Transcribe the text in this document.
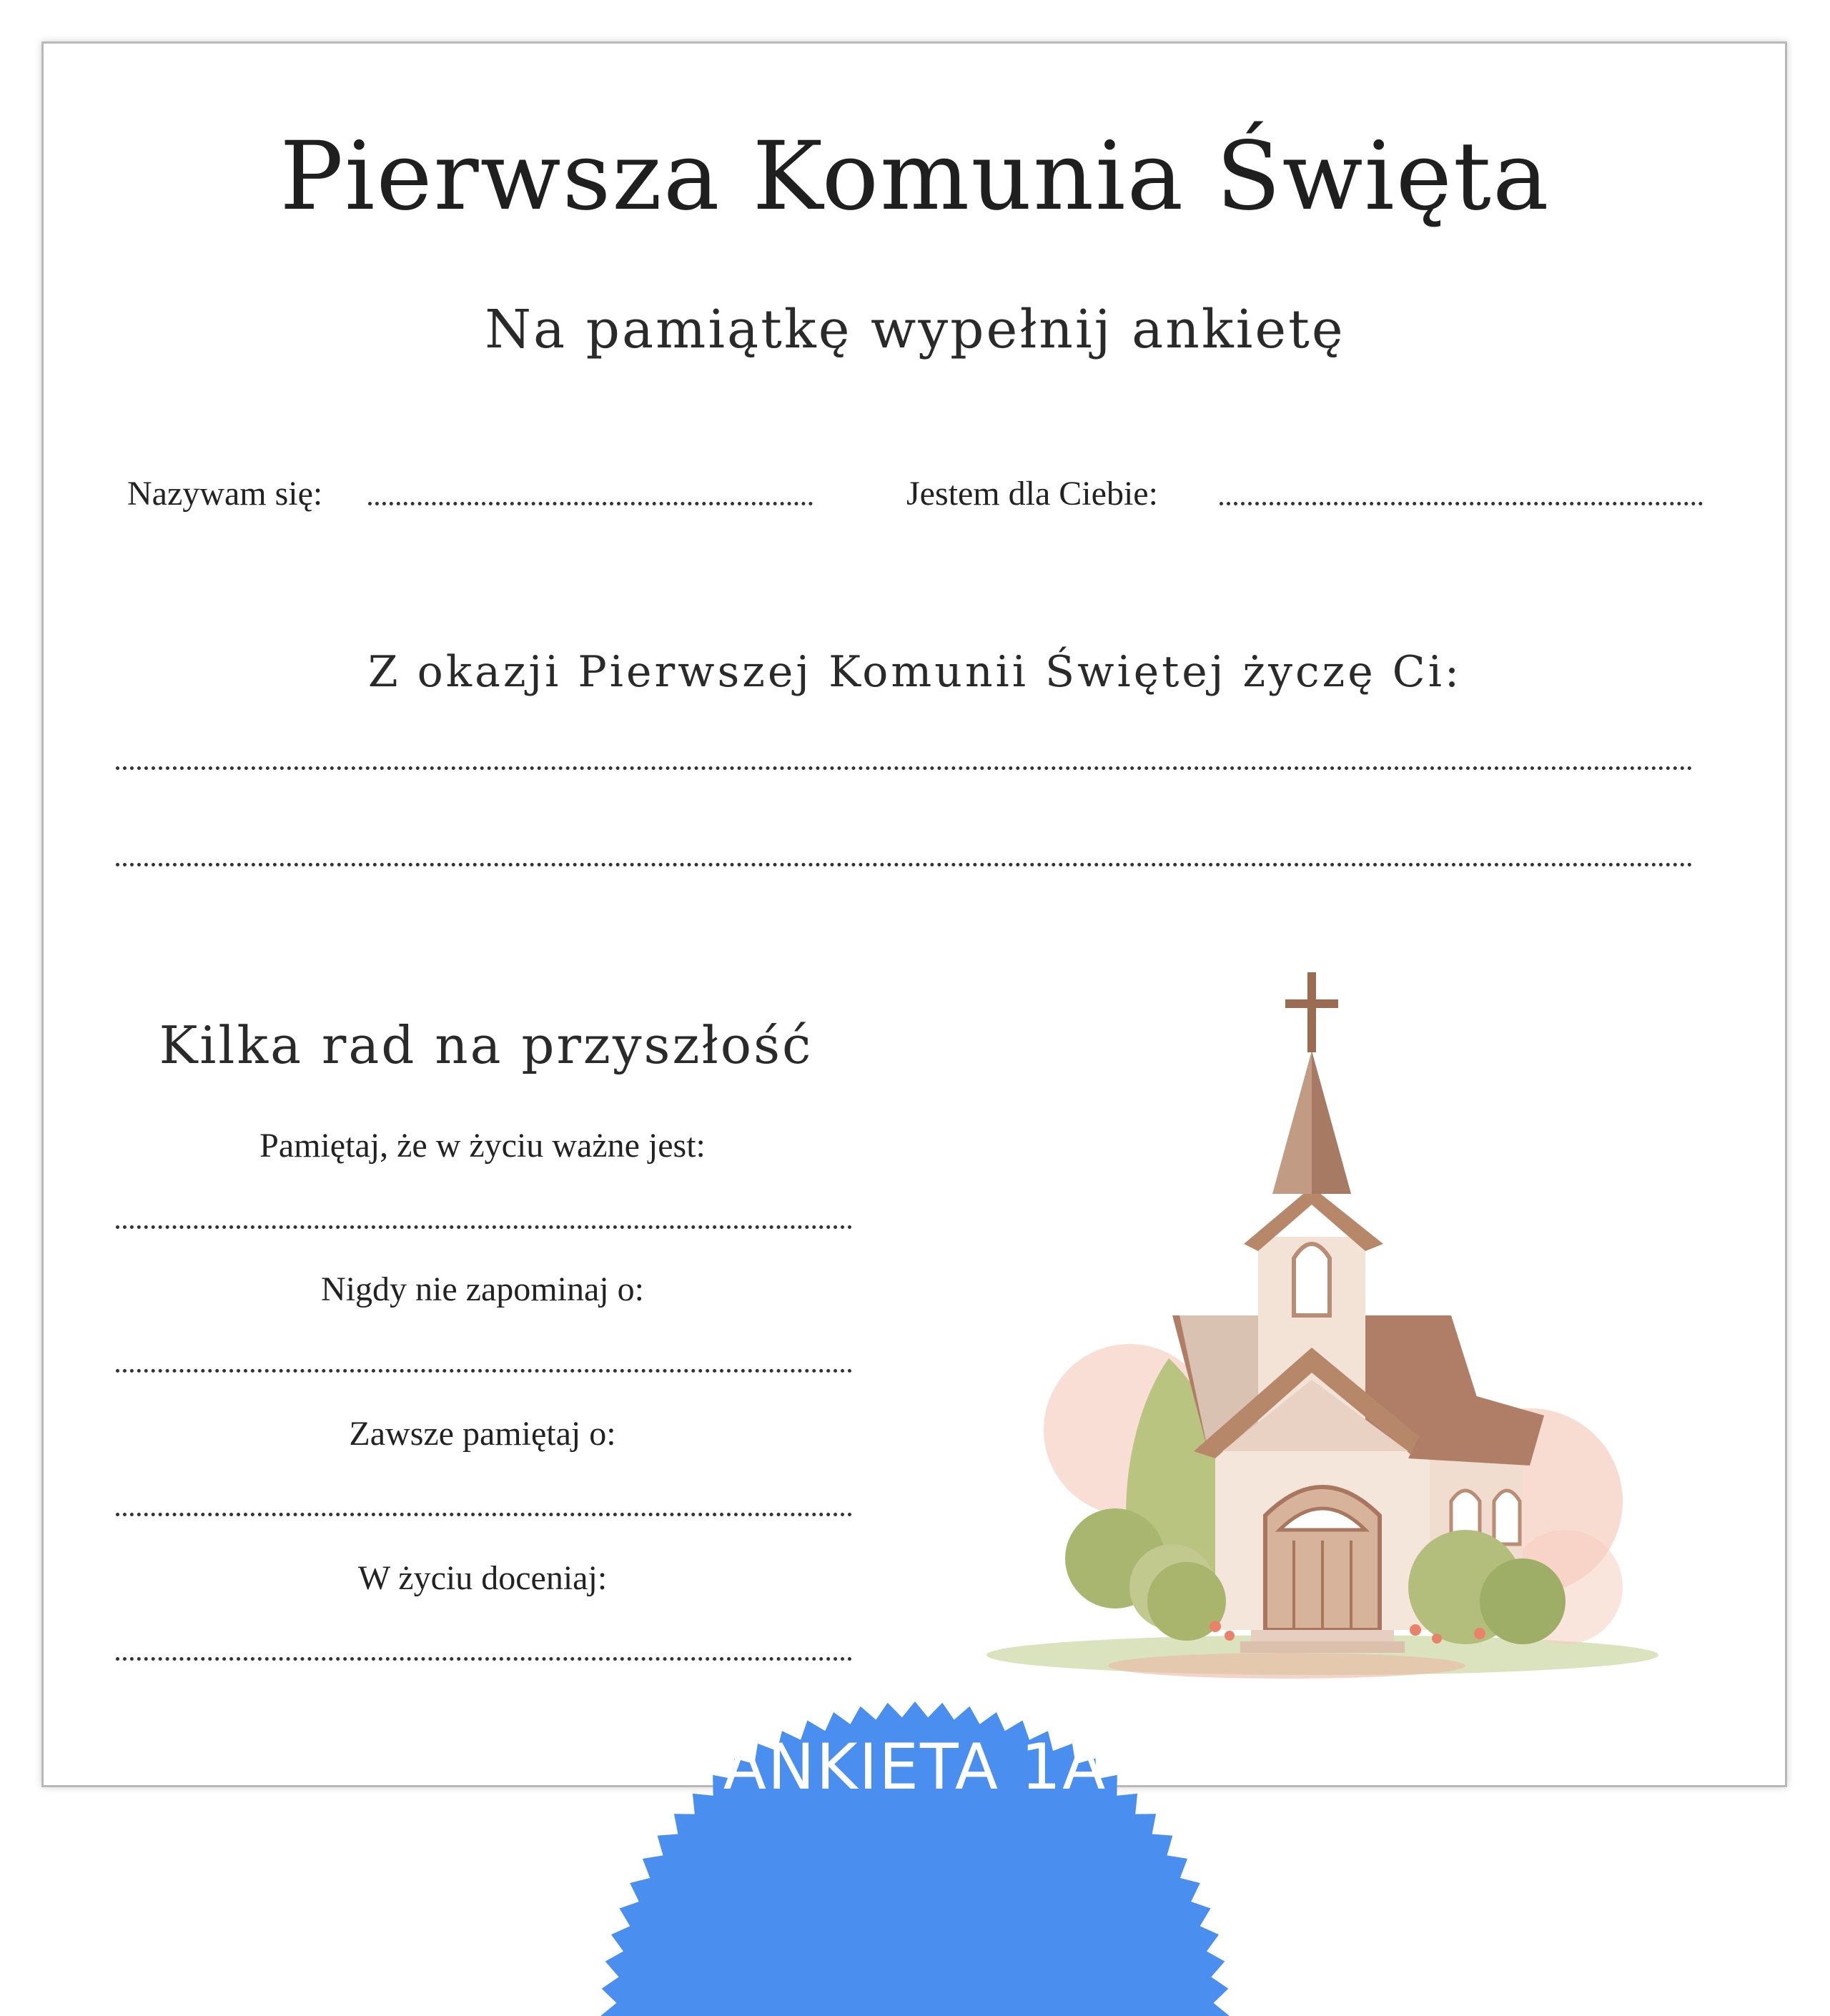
Pierwsza Komunia Święta
Na pamiątkę wypełnij ankietę
Nazywam się:	Jestem dla Ciebie:
Z okazji Pierwszej Komunii Świętej życzę Ci:
Kilka rad na przyszłość
Pamiętaj, że w życiu ważne jest:
Nigdy nie zapominaj o:
Zawsze pamiętaj o:
W życiu doceniaj:
ANKIETA 1A
